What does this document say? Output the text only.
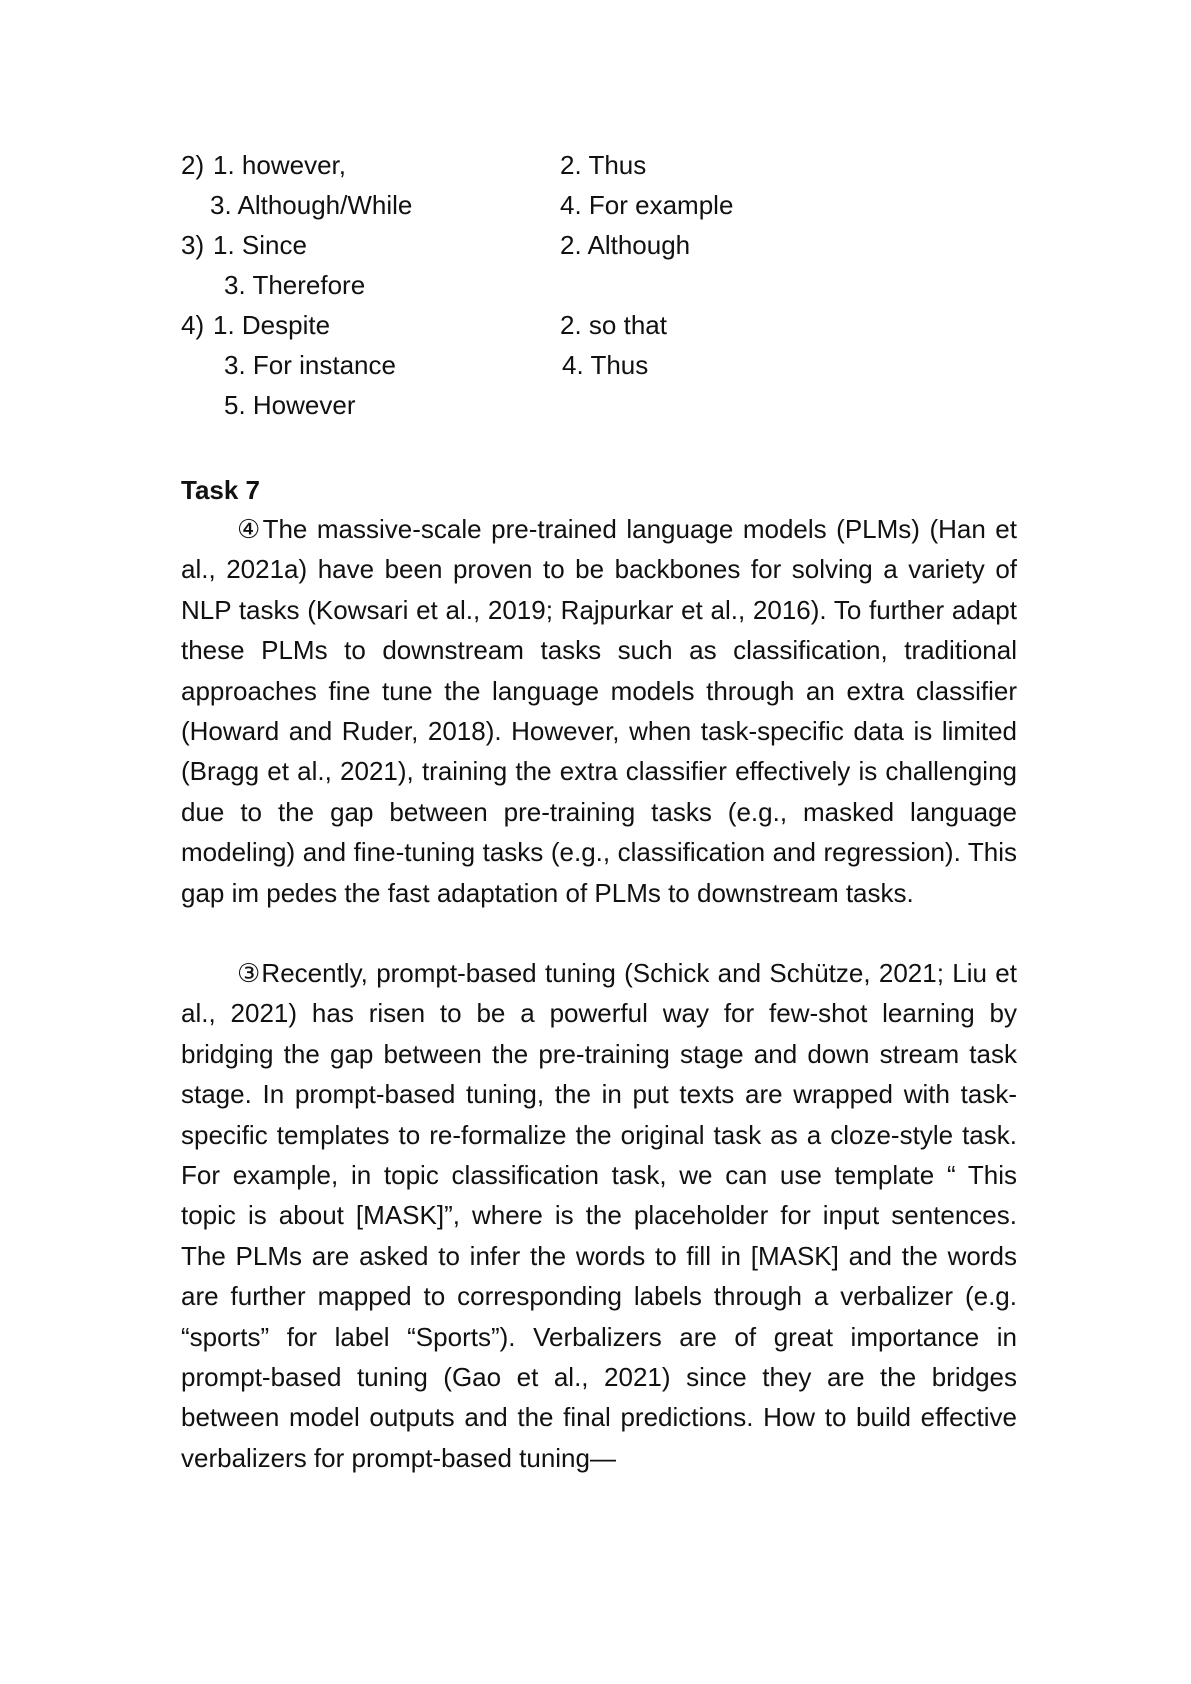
2) 1. however,	2. Thus
3. Although/While	4. For example
3) 1. Since	2. Although
3. Therefore
4) 1. Despite	2. so that
3. For instance	4. Thus
5. However
Task 7

④The massive-scale pre-trained language models (PLMs) (Han et al., 2021a) have been proven to be backbones for solving a variety of NLP tasks (Kowsari et al., 2019; Rajpurkar et al., 2016). To further adapt these PLMs to downstream tasks such as classification, traditional approaches fine tune the language models through an extra classifier (Howard and Ruder, 2018). However, when task-specific data is limited (Bragg et al., 2021), training the extra classifier effectively is challenging due to the gap between pre-training tasks (e.g., masked language modeling) and fine-tuning tasks (e.g., classification and regression). This gap im pedes the fast adaptation of PLMs to downstream tasks.

③Recently, prompt-based tuning (Schick and Schütze, 2021; Liu et al., 2021) has risen to be a powerful way for few-shot learning by bridging the gap between the pre-training stage and down stream task stage. In prompt-based tuning, the in put texts are wrapped with task-specific templates to re-formalize the original task as a cloze-style task. For example, in topic classification task, we can use template “ This topic is about [MASK]”, where is the placeholder for input sentences. The PLMs are asked to infer the words to fill in [MASK] and the words are further mapped to corresponding labels through a verbalizer (e.g. “sports” for label “Sports”). Verbalizers are of great importance in prompt-based tuning (Gao et al., 2021) since they are the bridges between model outputs and the final predictions. How to build effective verbalizers for prompt-based tuning—
